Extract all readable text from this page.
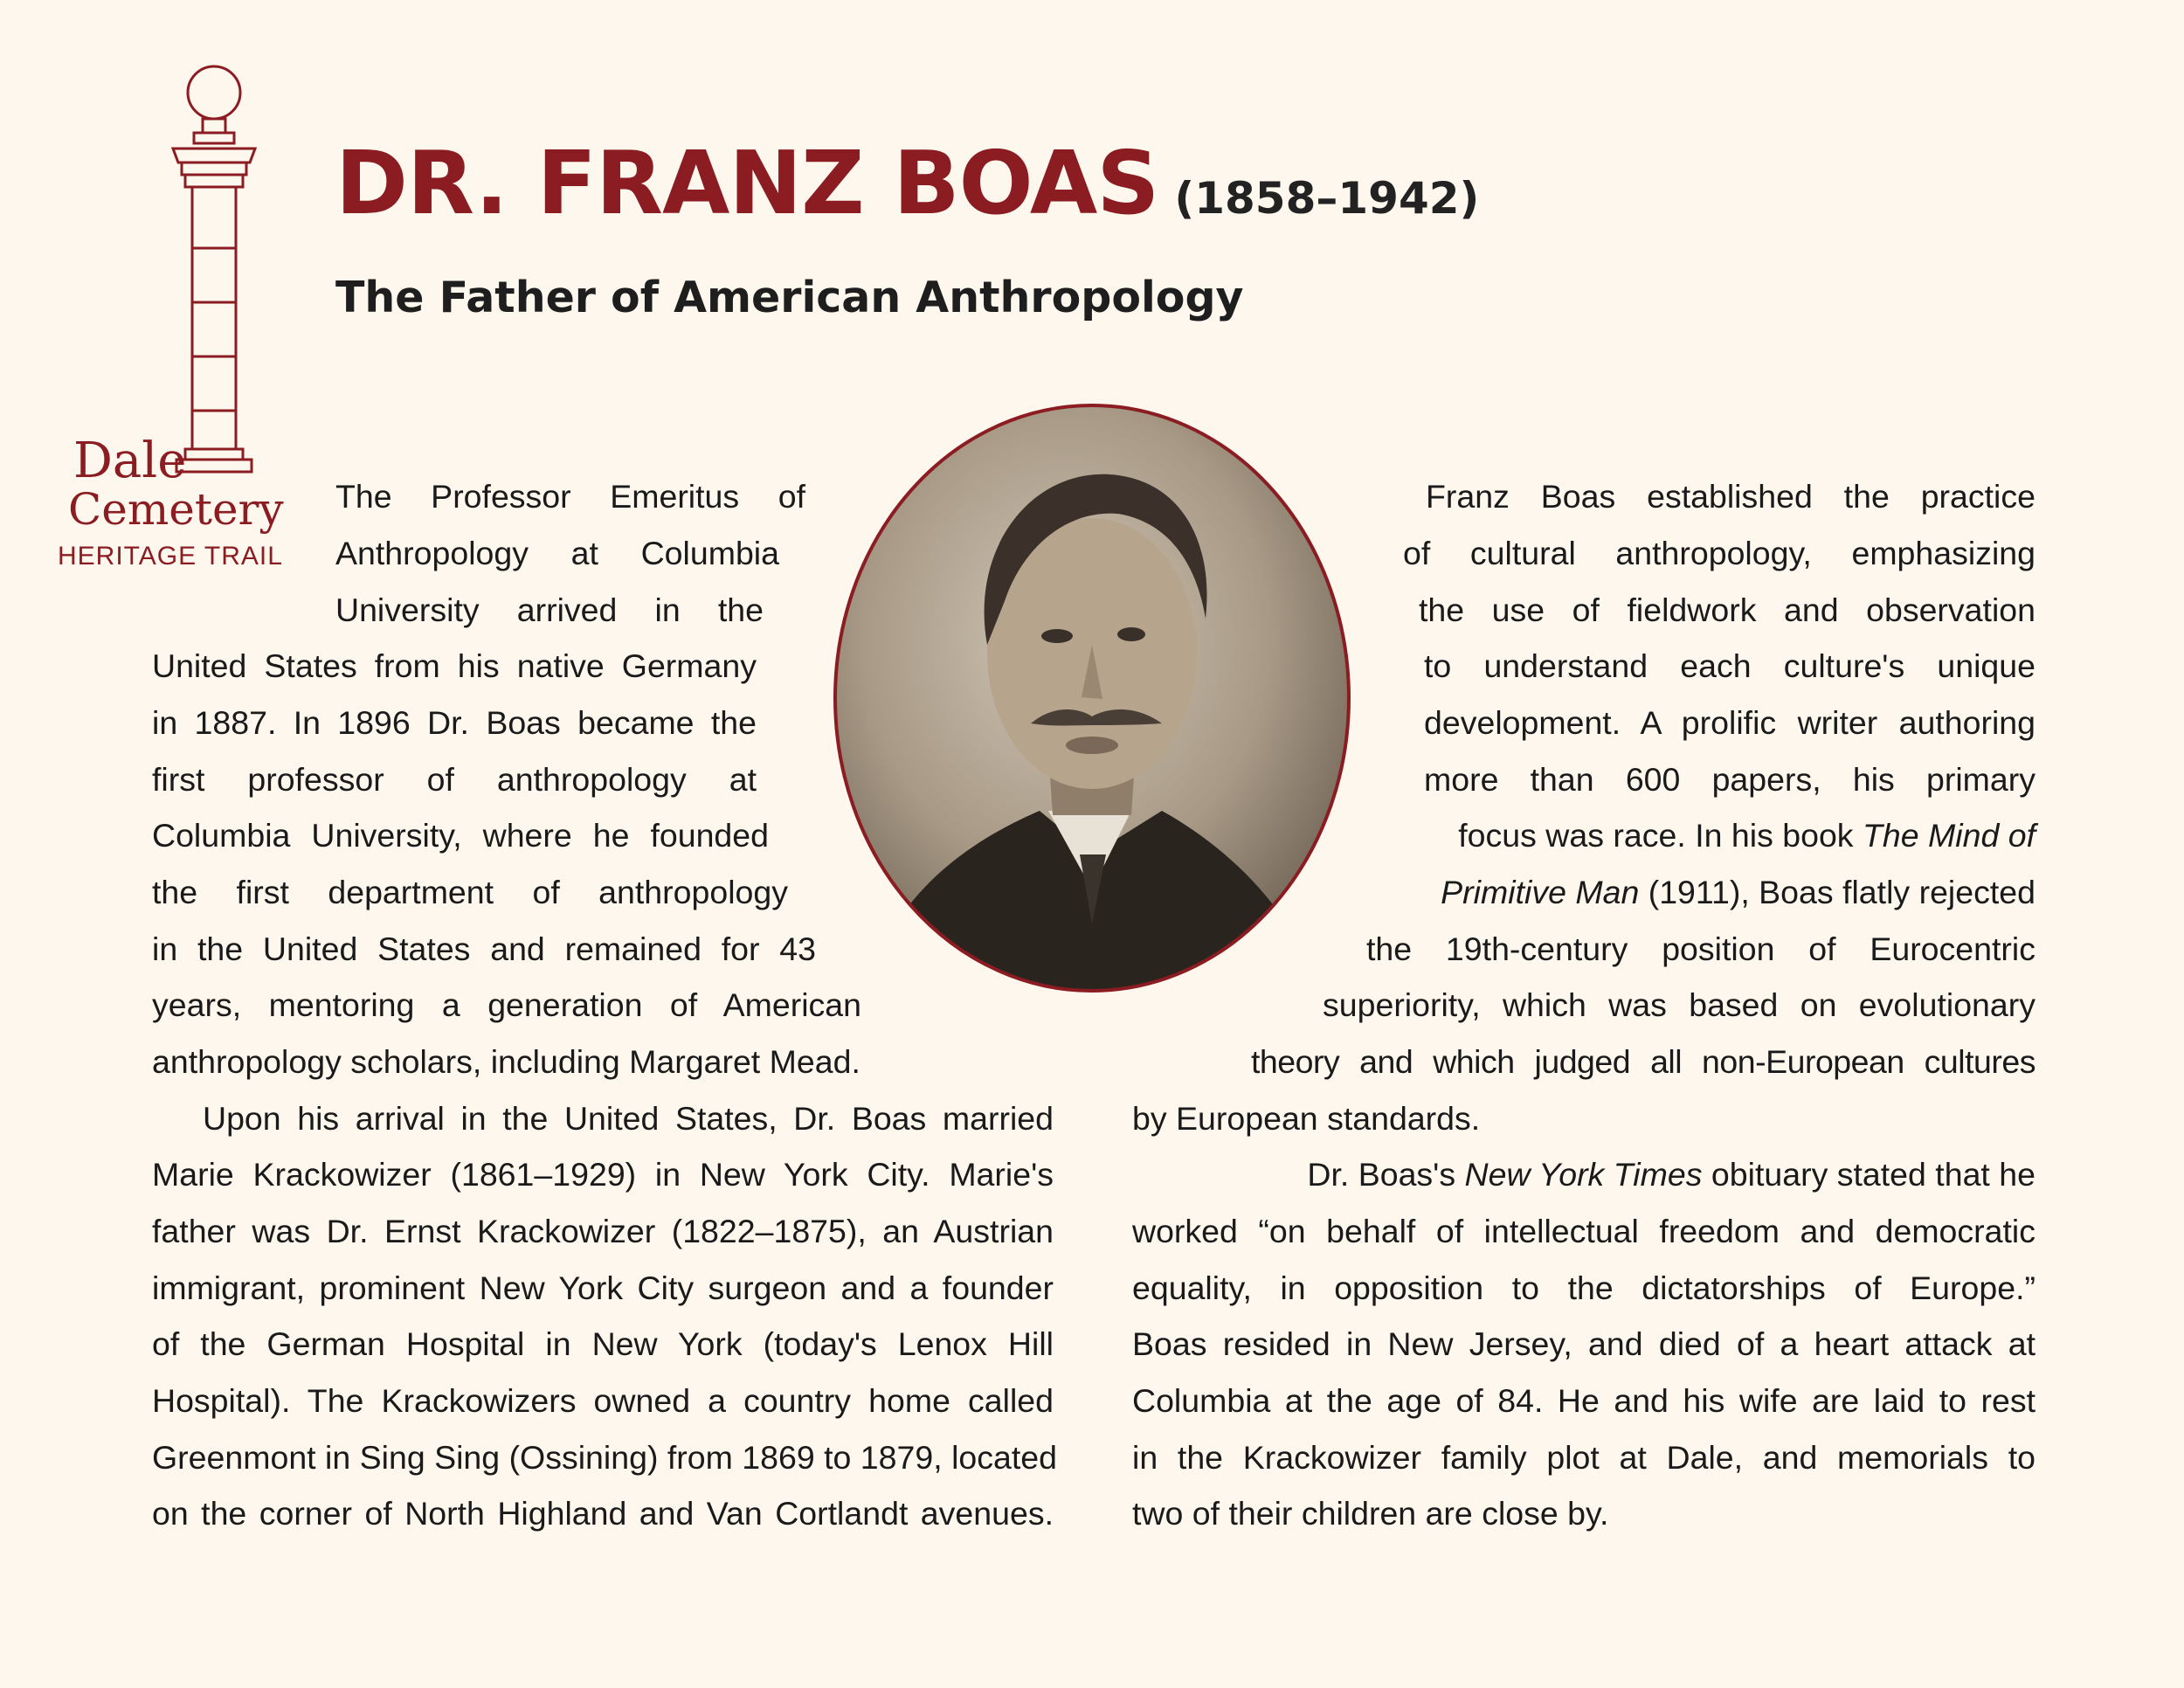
Dale
Cemetery
HERITAGE TRAIL
DR. FRANZ BOAS (1858–1942)
The Father of American Anthropology
The Professor Emeritus of
Anthropology at Columbia
University arrived in the
United States from his native Germany
in 1887. In 1896 Dr. Boas became the
first professor of anthropology at
Columbia University, where he founded
the first department of anthropology
in the United States and remained for 43
years, mentoring a generation of American
anthropology scholars, including Margaret Mead.
Upon his arrival in the United States, Dr. Boas married
Marie Krackowizer (1861–1929) in New York City. Marie's
father was Dr. Ernst Krackowizer (1822–1875), an Austrian
immigrant, prominent New York City surgeon and a founder
of the German Hospital in New York (today's Lenox Hill
Hospital). The Krackowizers owned a country home called
Greenmont in Sing Sing (Ossining) from 1869 to 1879, located
on the corner of North Highland and Van Cortlandt avenues.
Franz Boas established the practice
of cultural anthropology, emphasizing
the use of fieldwork and observation
to understand each culture's unique
development. A prolific writer authoring
more than 600 papers, his primary
focus was race. In his book The Mind of
Primitive Man (1911), Boas flatly rejected
the 19th-century position of Eurocentric
superiority, which was based on evolutionary
theory and which judged all non-European cultures
by European standards.
Dr. Boas's New York Times obituary stated that he
worked “on behalf of intellectual freedom and democratic
equality, in opposition to the dictatorships of Europe.”
Boas resided in New Jersey, and died of a heart attack at
Columbia at the age of 84. He and his wife are laid to rest
in the Krackowizer family plot at Dale, and memorials to
two of their children are close by.
